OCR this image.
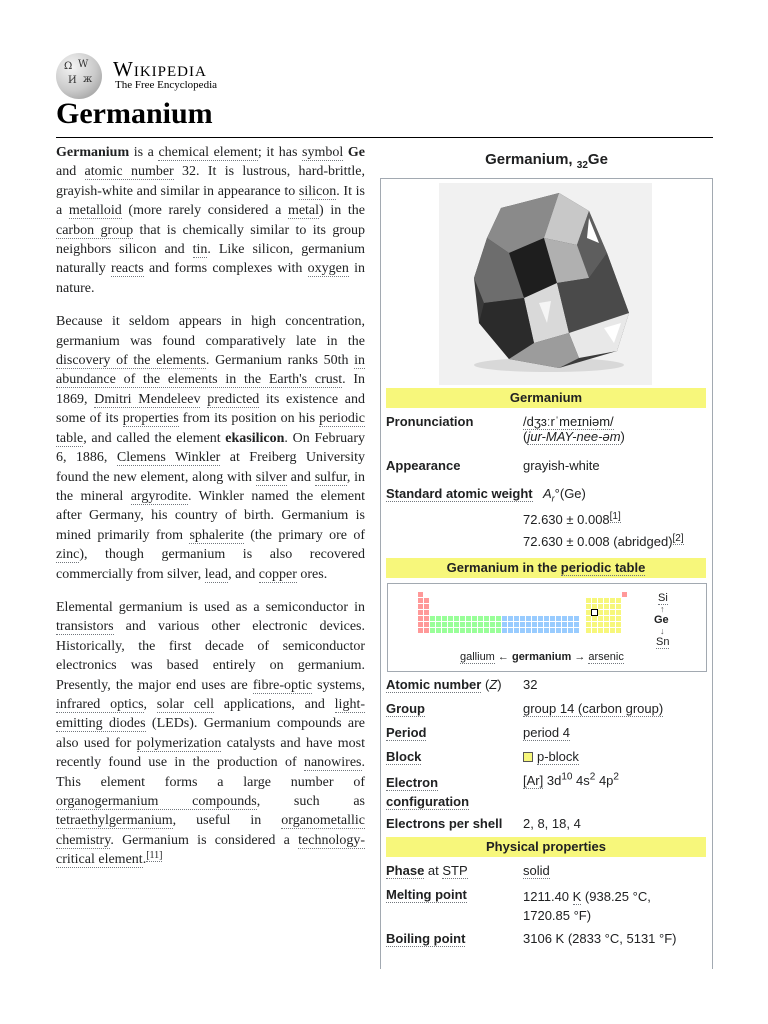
Ω W
И ж Wikipedia
The Free Encyclopedia
Germanium

Germanium is a chemical element; it has symbol Ge and atomic number 32. It is lustrous, hard-brittle, grayish-white and similar in appearance to silicon. It is a metalloid (more rarely considered a metal) in the carbon group that is chemically similar to its group neighbors silicon and tin. Like silicon, germanium naturally reacts and forms complexes with oxygen in nature.

Because it seldom appears in high concentration, germanium was found comparatively late in the discovery of the elements. Germanium ranks 50th in abundance of the elements in the Earth's crust. In 1869, Dmitri Mendeleev predicted its existence and some of its properties from its position on his periodic table, and called the element ekasilicon. On February 6, 1886, Clemens Winkler at Freiberg University found the new element, along with silver and sulfur, in the mineral argyrodite. Winkler named the element after Germany, his country of birth. Germanium is mined primarily from sphalerite (the primary ore of zinc), though germanium is also recovered commercially from silver, lead, and copper ores.

Elemental germanium is used as a semiconductor in transistors and various other electronic devices. Historically, the first decade of semiconductor electronics was based entirely on germanium. Presently, the major end uses are fibre-optic systems, infrared optics, solar cell applications, and light-emitting diodes (LEDs). Germanium compounds are also used for polymerization catalysts and have most recently found use in the production of nanowires. This element forms a large number of organogermanium compounds, such as tetraethylgermanium, useful in organometallic chemistry. Germanium is considered a technology-critical element.[11]

Germanium, $_{32}$Ge
Germanium
Pronunciation	/dʒɜːrˈmeɪniəm/
(jur-MAY-nee-əm)
Appearance	grayish-white
Standard atomic weight $A_r^\circ(Ge)$
72.630 ± 0.008[1]
72.630 ± 0.008 (abridged)[2]
Germanium in the periodic table
Si
↑
Ge
↓
Sn
gallium ← germanium → arsenic
Atomic number (Z) 32
Group	group 14 (carbon group)
Period	period 4
Block	p-block
Electron
configuration
[Ar] $3d^{10}$ $4s^2$ $4p^2$
Electrons per shell 2, 8, 18, 4
Physical properties
Phase at STP	solid
Melting point	1211.40 K (938.25 °C,
1720.85 °F)
Boiling point	3106 K (2833 °C, 5131 °F)
